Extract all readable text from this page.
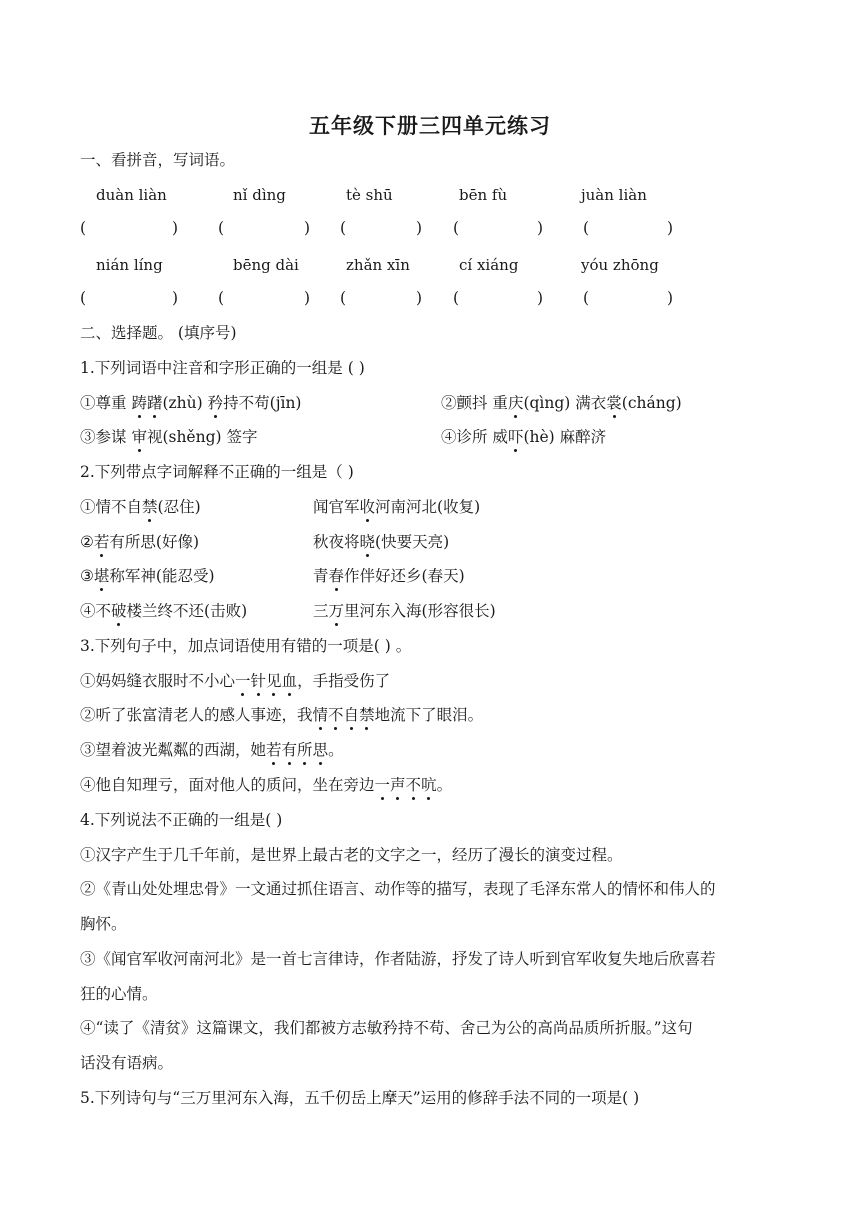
五年级下册三四单元练习
一、看拼音，写词语。
duàn liàn	nǐ dìng	tè shū	bēn fù	juàn liàn
(	)	(	) (	) (	)	(	)
nián líng	bēng dài	zhǎn xīn	cí xiáng	yóu zhōng
(	)	(	) (	) (	)	(	)
二、选择题。 (填序号)
1.下列词语中注音和字形正确的一组是 ( )
①尊重 踌躇(zhù) 矜持不苟(jīn)	②颤抖 重庆(qìng) 满衣裳(cháng)
③参谋 审视(shěng) 签字	④诊所 威吓(hè) 麻醉济
2.下列带点字词解释不正确的一组是（ )
①情不自禁(忍住)	闻官军收河南河北(收复)
②若有所思(好像)	秋夜将晓(快要天亮)
③堪称军神(能忍受)	青春作伴好还乡(春天)
④不破楼兰终不还(击败)	三万里河东入海(形容很长)
3.下列句子中，加点词语使用有错的一项是( ) 。
①妈妈缝衣服时不小心一针见血，手指受伤了
②听了张富清老人的感人事迹，我情不自禁地流下了眼泪。
③望着波光粼粼的西湖，她若有所思。
④他自知理亏，面对他人的质问，坐在旁边一声不吭。
4.下列说法不正确的一组是( )
①汉字产生于几千年前，是世界上最古老的文字之一，经历了漫长的演变过程。
②《青山处处埋忠骨》一文通过抓住语言、动作等的描写，表现了毛泽东常人的情怀和伟人的
胸怀。
③《闻官军收河南河北》是一首七言律诗，作者陆游，抒发了诗人听到官军收复失地后欣喜若
狂的心情。
④“读了《清贫》这篇课文，我们都被方志敏矜持不苟、舍己为公的高尚品质所折服。”这句
话没有语病。
5.下列诗句与“三万里河东入海，五千仞岳上摩天”运用的修辞手法不同的一项是( )
